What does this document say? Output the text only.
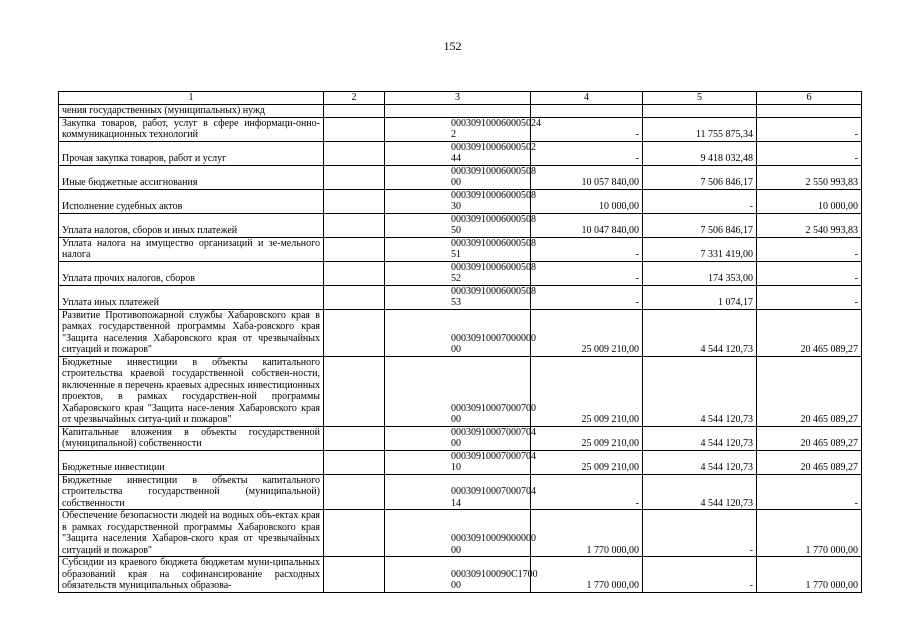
152
1	2	3	4	5	6
чения государственных (муниципальных) нужд					
Закупка товаров, работ, услуг в сфере информаци-онно-коммуникационных технологий		000309100060005024 2	-	11 755 875,34	-
Прочая закупка товаров, работ и услуг		00030910006000502 44	-	9 418 032,48	-
Иные бюджетные ассигнования		00030910006000508 00	10 057 840,00	7 506 846,17	2 550 993,83
Исполнение судебных актов		00030910006000508 30	10 000,00	-	10 000,00
Уплата налогов, сборов и иных платежей		00030910006000508 50	10 047 840,00	7 506 846,17	2 540 993,83
Уплата налога на имущество организаций и зе-мельного налога		00030910006000508 51	-	7 331 419,00	-
Уплата прочих налогов, сборов		00030910006000508 52	-	174 353,00	-
Уплата иных платежей		00030910006000508 53	-	1 074,17	-
Развитие Противопожарной службы Хабаровского края в рамках государственной программы Хаба-ровского края "Защита населения Хабаровского края от чрезвычайных ситуаций и пожаров"		00030910007000000 00	25 009 210,00	4 544 120,73	20 465 089,27
Бюджетные инвестиции в объекты капитального строительства краевой государственной собствен-ности, включенные в перечень краевых адресных инвестиционных проектов, в рамках государствен-ной программы Хабаровского края "Защита насе-ления Хабаровского края от чрезвычайных ситуа-ций и пожаров"		00030910007000700 00	25 009 210,00	4 544 120,73	20 465 089,27
Капитальные вложения в объекты государственной (муниципальной) собственности		00030910007000704 00	25 009 210,00	4 544 120,73	20 465 089,27
Бюджетные инвестиции		00030910007000704 10	25 009 210,00	4 544 120,73	20 465 089,27
Бюджетные инвестиции в объекты капитального строительства государственной (муниципальной) собственности		00030910007000704 14	-	4 544 120,73	-
Обеспечение безопасности людей на водных объ-ектах края в рамках государственной программы Хабаровского края "Защита населения Хабаров-ского края от чрезвычайных ситуаций и пожаров"		00030910009000000 00	1 770 000,00	-	1 770 000,00
Субсидии из краевого бюджета бюджетам муни-ципальных образований края на софинансирование расходных обязательств муниципальных образова-		000309100090С1700 00	1 770 000,00	-	1 770 000,00
